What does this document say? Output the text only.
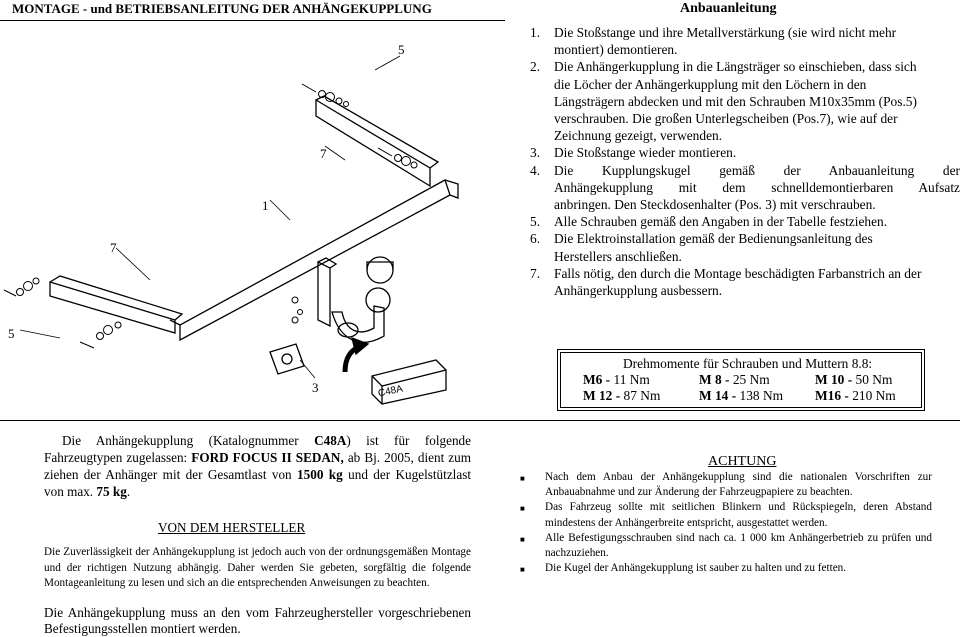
MONTAGE - und BETRIEBSANLEITUNG DER ANHÄNGEKUPPLUNG	Anbauanleitung
1.	Die Stoßstange und ihre Metallverstärkung (sie wird nicht mehr
montiert) demontieren.
2.	Die Anhängerkupplung in die Längsträger so einschieben, dass sich
die Löcher der Anhängerkupplung mit den Löchern in den
Längsträgern abdecken und mit den Schrauben M10x35mm (Pos.5)
verschrauben. Die großen Unterlegscheiben (Pos.7), wie auf der
Zeichnung gezeigt, verwenden.
3.	Die Stoßstange wieder montieren.
4.	Die Kupplungskugel gemäß der Anbauanleitung der
Anhängekupplung mit dem schnelldemontierbaren Aufsatz
anbringen. Den Steckdosenhalter (Pos. 3) mit verschrauben.
5.	Alle Schrauben gemäß den Angaben in der Tabelle festziehen.
6.	Die Elektroinstallation gemäß der Bedienungsanleitung des
Herstellers anschließen.
7.	Falls nötig, den durch die Montage beschädigten Farbanstrich an der
Anhängerkupplung ausbessern.
5
7
1
7
5
3	C48A
Drehmomente für Schrauben und Muttern 8.8:
M6 - 11 Nm	M 8 - 25 Nm	M 10 - 50 Nm
M 12 - 87 Nm	M 14 - 138 Nm	M16 - 210 Nm
Die Anhängekupplung (Katalognummer C48A) ist für folgende Fahrzeugtypen zugelassen: FORD FOCUS II SEDAN, ab Bj. 2005, dient zum ziehen der Anhänger mit der Gesamtlast von 1500 kg und der Kugelstützlast von max. 75 kg.
VON DEM HERSTELLER
Die Zuverlässigkeit der Anhängekupplung ist jedoch auch von der ordnungsgemäßen Montage und der richtigen Nutzung abhängig. Daher werden Sie gebeten, sorgfältig die folgende Montageanleitung zu lesen und sich an die entsprechenden Anweisungen zu beachten.
Die Anhängekupplung muss an den vom Fahrzeughersteller vorgeschriebenen Befestigungsstellen montiert werden.
ACHTUNG
■	Nach dem Anbau der Anhängekupplung sind die nationalen Vorschriften zur Anbauabnahme und zur Änderung der Fahrzeugpapiere zu beachten.
■	Das Fahrzeug sollte mit seitlichen Blinkern und Rückspiegeln, deren Abstand mindestens der Anhängerbreite entspricht, ausgestattet werden.
■	Alle Befestigungsschrauben sind nach ca. 1 000 km Anhängerbetrieb zu prüfen und nachzuziehen.
■	Die Kugel der Anhängekupplung ist sauber zu halten und zu fetten.
